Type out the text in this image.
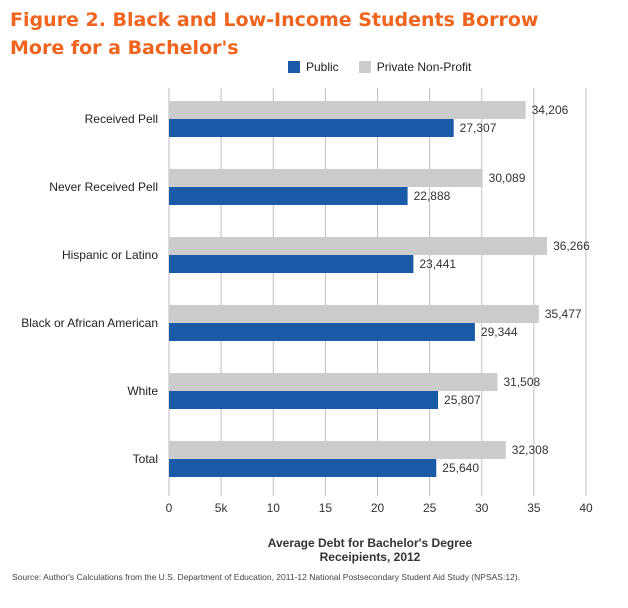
Figure 2. Black and Low-Income Students Borrow
More for a Bachelor's
Public	Private Non-Profit
0	5k	10	15	20	25	30	35	40
Received Pell
34,206
27,307
Never Received Pell
30,089
22,888
Hispanic or Latino
36,266
23,441
Black or African American
35,477
29,344
White
31,508
25,807
Total
32,308
25,640
Average Debt for Bachelor's Degree
Receipients, 2012
Source: Author's Calculations from the U.S. Department of Education, 2011-12 National Postsecondary Student Aid Study (NPSAS:12).
